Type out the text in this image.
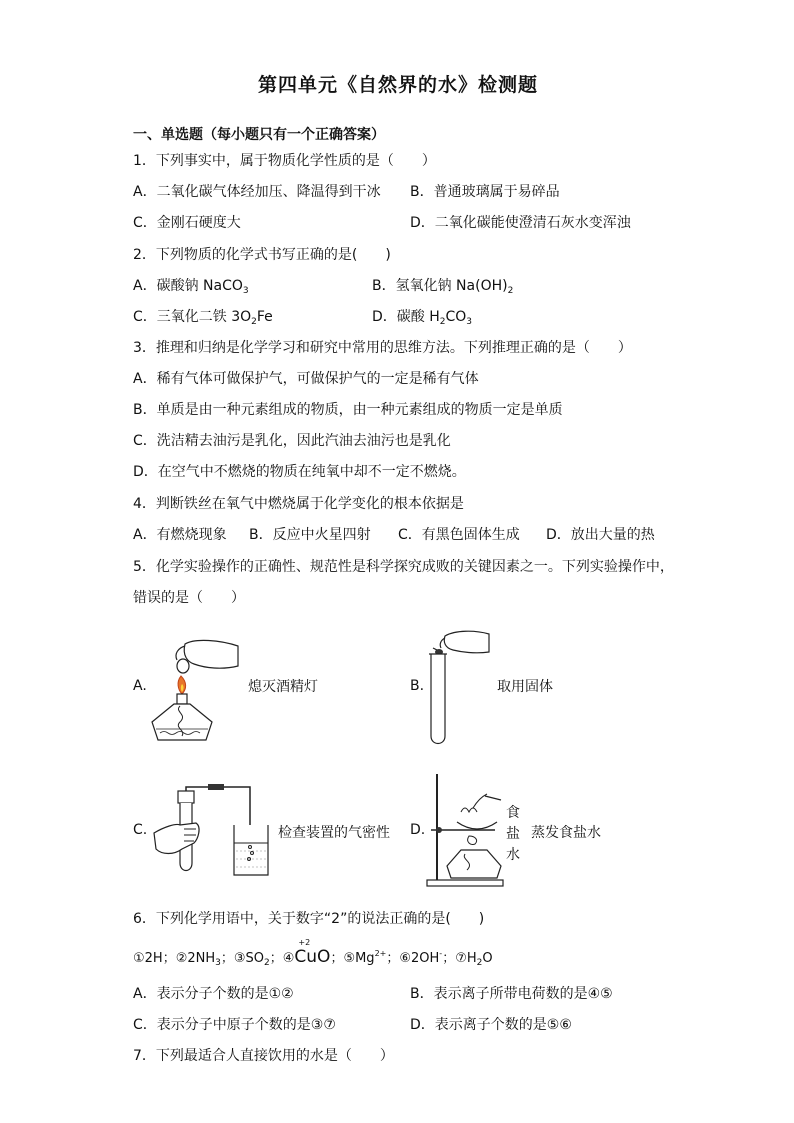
第四单元《自然界的水》检测题
一、单选题（每小题只有一个正确答案）
1．下列事实中，属于物质化学性质的是（　　）
A．二氧化碳气体经加压、降温得到干冰 B．普通玻璃属于易碎品
C．金刚石硬度大	D．二氧化碳能使澄清石灰水变浑浊
2．下列物质的化学式书写正确的是(　　)
A．碳酸钠 NaCO$_3$	B．氢氧化钠 $Na(OH)_2$
C．三氧化二铁 $3O_2Fe$	D．碳酸 $H_2CO_3$
3．推理和归纳是化学学习和研究中常用的思维方法。下列推理正确的是（　　）
A．稀有气体可做保护气，可做保护气的一定是稀有气体
B．单质是由一种元素组成的物质，由一种元素组成的物质一定是单质
C．洗洁精去油污是乳化，因此汽油去油污也是乳化
D．在空气中不燃烧的物质在纯氧中却不一定不燃烧。
4．判断铁丝在氧气中燃烧属于化学变化的根本依据是
A．有燃烧现象 B．反应中火星四射 C．有黑色固体生成 D．放出大量的热
5．化学实验操作的正确性、规范性是科学探究成败的关键因素之一。下列实验操作中，
错误的是（　　）
A.	熄灭酒精灯	B.	取用固体
C.	检查装置的气密性 D.
食
盐
水
蒸发食盐水
6．下列化学用语中，关于数字“2”的说法正确的是(　　)
①2H；$②2NH_3$；$③SO_2$；④
+2
CuO；$⑤Mg^{2+}$；⑥2OH-；$⑦H_2O$
A．表示分子个数的是①②	B．表示离子所带电荷数的是④⑤
C．表示分子中原子个数的是③⑦	D．表示离子个数的是⑤⑥
7．下列最适合人直接饮用的水是（　　）
